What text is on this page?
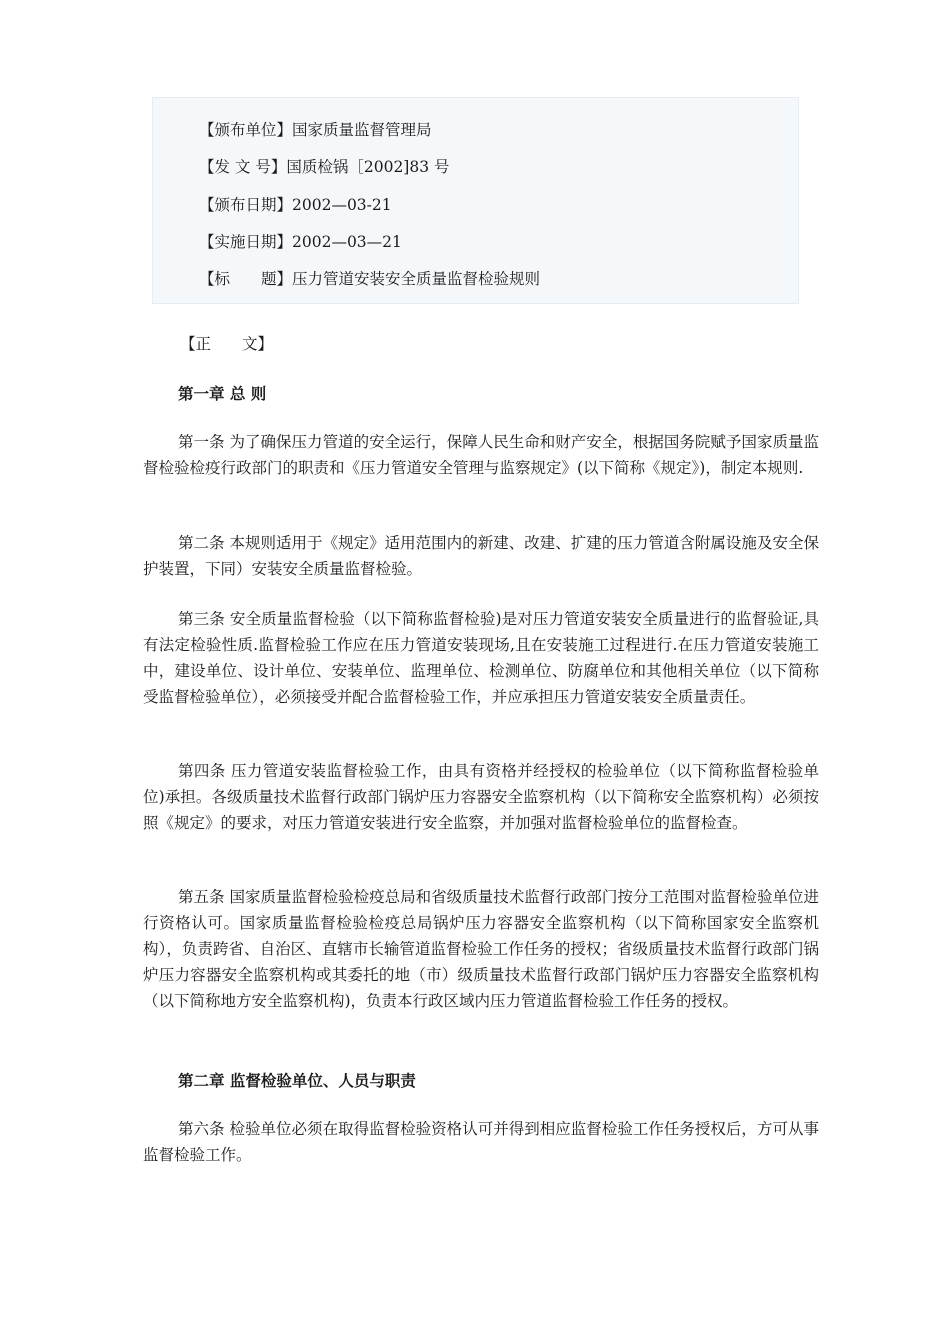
【颁布单位】国家质量监督管理局
【发 文 号】国质检锅［2002]83 号
【颁布日期】2002—03-21
【实施日期】2002—03—21
【标　　题】压力管道安装安全质量监督检验规则
【正　　文】
第一章 总 则

第一条 为了确保压力管道的安全运行，保障人民生命和财产安全，根据国务院赋予国家质量监督检验检疫行政部门的职责和《压力管道安全管理与监察规定》(以下简称《规定》)，制定本规则.

第二条 本规则适用于《规定》适用范围内的新建、改建、扩建的压力管道含附属设施及安全保护装置，下同）安装安全质量监督检验。

第三条 安全质量监督检验（以下简称监督检验)是对压力管道安装安全质量进行的监督验证,具有法定检验性质.监督检验工作应在压力管道安装现场,且在安装施工过程进行.在压力管道安装施工中，建设单位、设计单位、安装单位、监理单位、检测单位、防腐单位和其他相关单位（以下简称受监督检验单位），必须接受并配合监督检验工作，并应承担压力管道安装安全质量责任。

第四条 压力管道安装监督检验工作，由具有资格并经授权的检验单位（以下简称监督检验单位)承担。各级质量技术监督行政部门锅炉压力容器安全监察机构（以下简称安全监察机构）必须按照《规定》的要求，对压力管道安装进行安全监察，并加强对监督检验单位的监督检查。

第五条 国家质量监督检验检疫总局和省级质量技术监督行政部门按分工范围对监督检验单位进行资格认可。国家质量监督检验检疫总局锅炉压力容器安全监察机构（以下简称国家安全监察机构），负责跨省、自治区、直辖市长输管道监督检验工作任务的授权；省级质量技术监督行政部门锅炉压力容器安全监察机构或其委托的地（市）级质量技术监督行政部门锅炉压力容器安全监察机构（以下简称地方安全监察机构)，负责本行政区域内压力管道监督检验工作任务的授权。

第二章 监督检验单位、人员与职责

第六条 检验单位必须在取得监督检验资格认可并得到相应监督检验工作任务授权后，方可从事监督检验工作。
